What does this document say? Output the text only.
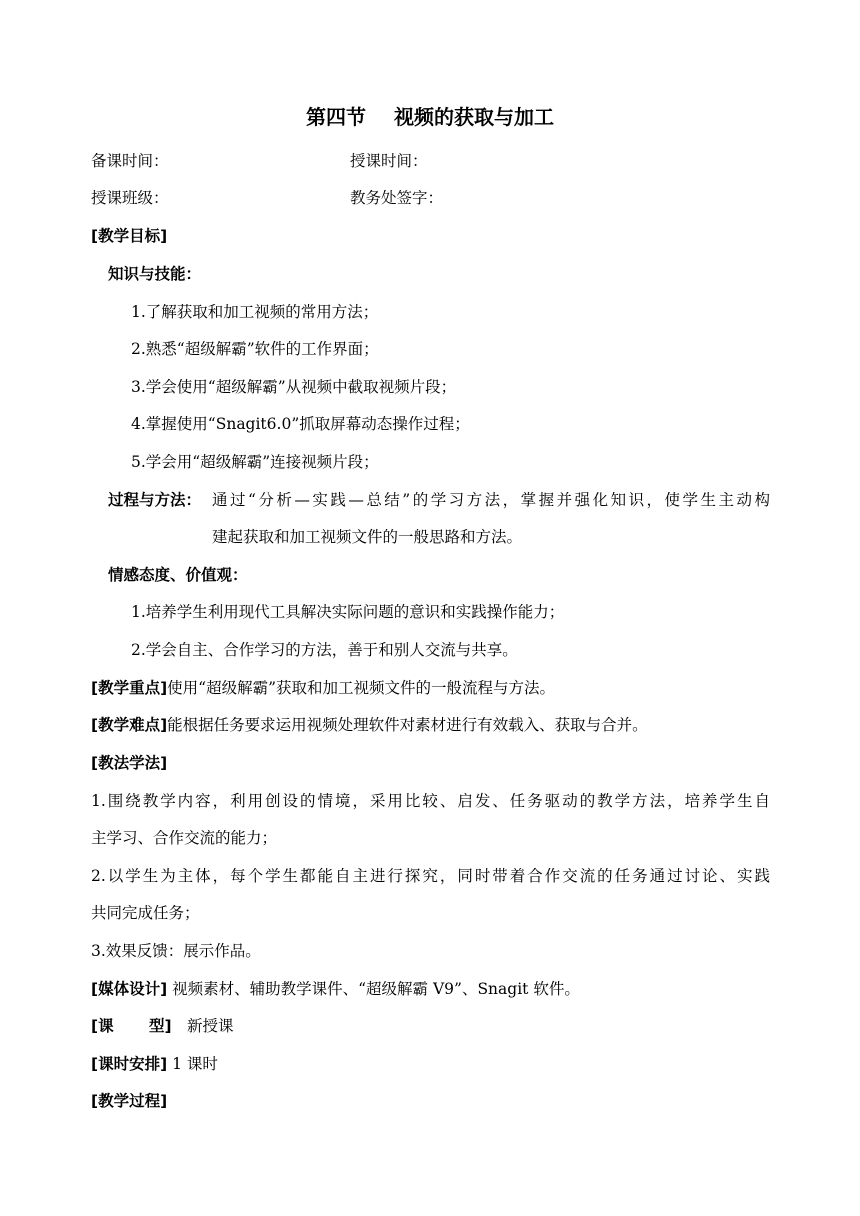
第四节 视频的获取与加工
备课时间：	授课时间：
授课班级：	教务处签字：
[教学目标]
知识与技能：
1.了解获取和加工视频的常用方法；
2.熟悉“超级解霸”软件的工作界面；
3.学会使用“超级解霸”从视频中截取视频片段；
4.掌握使用“Snagit6.0”抓取屏幕动态操作过程；
5.学会用“超级解霸”连接视频片段；
过程与方法： 通过“分析—实践—总结”的学习方法，掌握并强化知识，使学生主动构
建起获取和加工视频文件的一般思路和方法。
情感态度、价值观：
1.培养学生利用现代工具解决实际问题的意识和实践操作能力；
2.学会自主、合作学习的方法，善于和别人交流与共享。
[教学重点]使用“超级解霸”获取和加工视频文件的一般流程与方法。
[教学难点]能根据任务要求运用视频处理软件对素材进行有效载入、获取与合并。
[教法学法]
1.围绕教学内容，利用创设的情境，采用比较、启发、任务驱动的教学方法，培养学生自
主学习、合作交流的能力；
2.以学生为主体，每个学生都能自主进行探究，同时带着合作交流的任务通过讨论、实践
共同完成任务；
3.效果反馈：展示作品。
[媒体设计] 视频素材、辅助教学课件、“超级解霸 V9”、Snagit 软件。
[课 型] 新授课
[课时安排] 1 课时
[教学过程]
